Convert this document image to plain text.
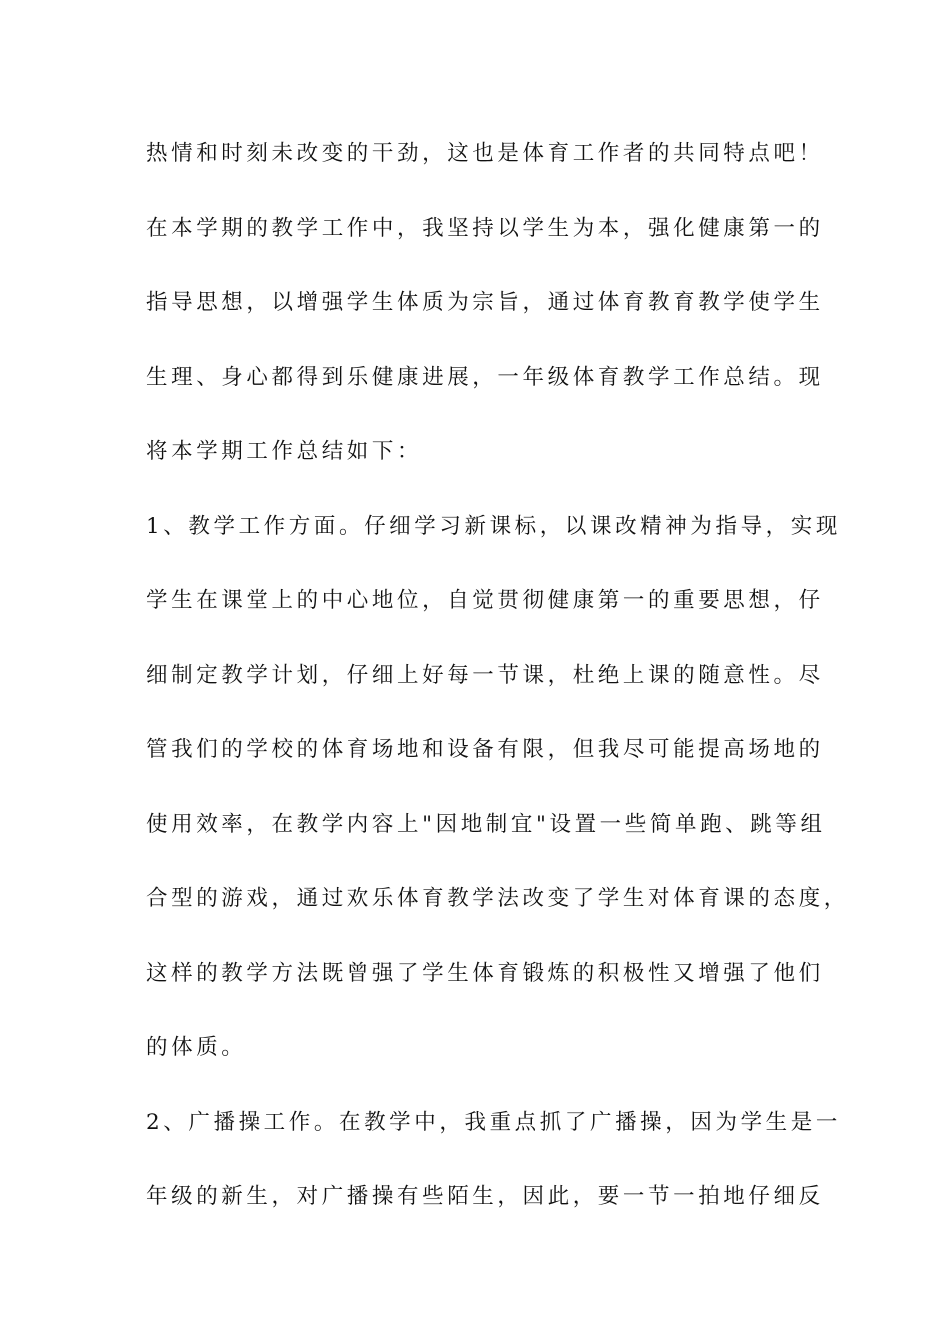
热情和时刻未改变的干劲，这也是体育工作者的共同特点吧！
在本学期的教学工作中，我坚持以学生为本，强化健康第一的
指导思想，以增强学生体质为宗旨，通过体育教育教学使学生
生理、身心都得到乐健康进展，一年级体育教学工作总结。现
将本学期工作总结如下：
1、教学工作方面。仔细学习新课标，以课改精神为指导，实现
学生在课堂上的中心地位，自觉贯彻健康第一的重要思想，仔
细制定教学计划，仔细上好每一节课，杜绝上课的随意性。尽
管我们的学校的体育场地和设备有限，但我尽可能提高场地的
使用效率，在教学内容上"因地制宜"设置一些简单跑、跳等组
合型的游戏，通过欢乐体育教学法改变了学生对体育课的态度，
这样的教学方法既曾强了学生体育锻炼的积极性又增强了他们
的体质。
2、广播操工作。在教学中，我重点抓了广播操，因为学生是一
年级的新生，对广播操有些陌生，因此，要一节一拍地仔细反
